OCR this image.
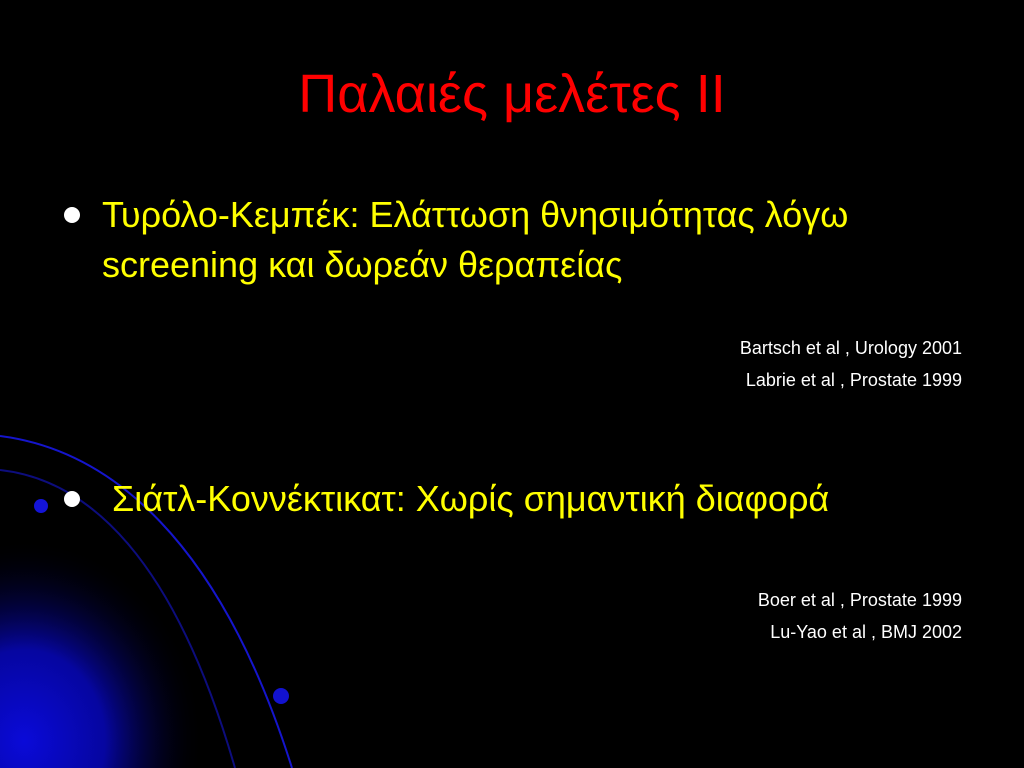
Παλαιές μελέτες ΙΙ
Τυρόλο-Κεμπέκ: Ελάττωση θνησιμότητας λόγω screening και δωρεάν θεραπείας
Bartsch et al , Urology 2001
Labrie et al , Prostate 1999
Σιάτλ-Κοννέκτικατ: Χωρίς σημαντική διαφορά
Boer et al , Prostate 1999
Lu-Yao et al , BMJ 2002
